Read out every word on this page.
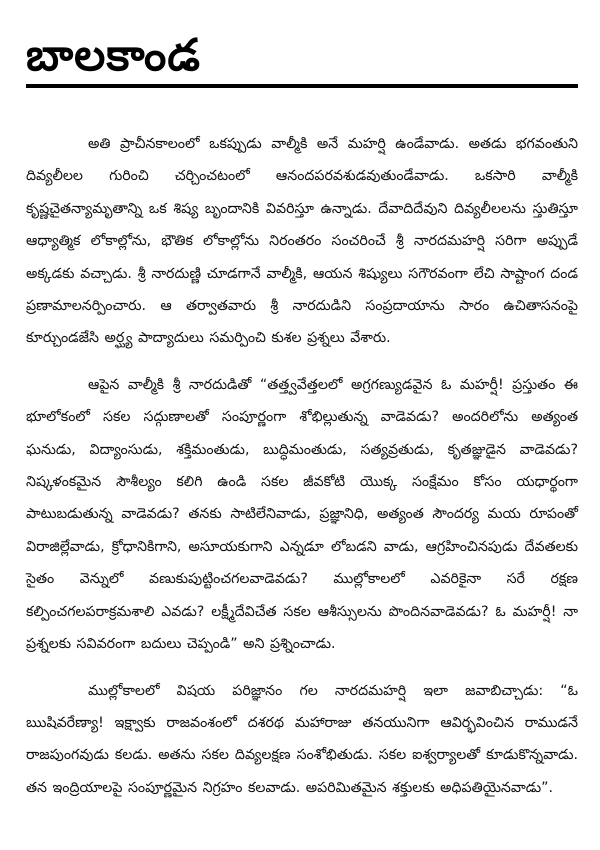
బాలకాండ

అతి ప్రాచీనకాలంలో ఒకప్పుడు వాల్మీకి అనే మహర్షి ఉండేవాడు. అతడు భగవంతుని దివ్యలీలల గురించి చర్చించటంలో ఆనందపరవశుడవుతుండేవాడు. ఒకసారి వాల్మీకి కృష్ణచైతన్యామృతాన్ని ఒక శిష్య బృందానికి వివరిస్తూ ఉన్నాడు. దేవాదిదేవుని దివ్యలీలలను స్తుతిస్తూ ఆధ్యాత్మిక లోకాల్లోను, భౌతిక లోకాల్లోను నిరంతరం సంచరించే శ్రీ నారదమహర్షి సరిగా అప్పుడే అక్కడకు వచ్చాడు. శ్రీ నారదుణ్ణి చూడగానే వాల్మీకి, ఆయన శిష్యులు సగౌరవంగా లేచి సాష్టాంగ దండ ప్రణామాలనర్పించారు. ఆ తర్వాతవారు శ్రీ నారదుడిని సంప్రదాయాను సారం ఉచితాసనంపై కూర్చుండజేసి అర్ఘ్య పాద్యాదులు సమర్పించి కుశల ప్రశ్నలు వేశారు.

ఆపైన వాల్మీకి శ్రీ నారదుడితో “తత్త్వవేత్తలలో అగ్రగణ్యుడవైన ఓ మహర్షీ! ప్రస్తుతం ఈ భూలోకంలో సకల సద్గుణాలతో సంపూర్ణంగా శోభిల్లుతున్న వాడెవడు? అందరిలోను అత్యంత ఘనుడు, విద్యాంసుడు, శక్తిమంతుడు, బుద్ధిమంతుడు, సత్యవ్రతుడు, కృతజ్ఞుడైన వాడెవడు? నిష్కళంకమైన సౌశీల్యం కలిగి ఉండి సకల జీవకోటి యొక్క సంక్షేమం కోసం యధార్థంగా పాటుబడుతున్న వాడెవడు? తనకు సాటిలేనివాడు, ప్రజ్ఞానిధి, అత్యంత సౌందర్య మయ రూపంతో విరాజిల్లేవాడు, క్రోధానికిగాని, అసూయకుగాని ఎన్నడూ లోబడని వాడు, ఆగ్రహించినపుడు దేవతలకు సైతం వెన్నులో వణుకుపుట్టించగలవాడెవడు? ముల్లోకాలలో ఎవరికైనా సరే రక్షణ కల్పించగలపరాక్రమశాలి ఎవడు? లక్ష్మీదేవిచేత సకల ఆశీస్సులను పొందినవాడెవడు? ఓ మహర్షీ! నా ప్రశ్నలకు సవివరంగా బదులు చెప్పండి” అని ప్రశ్నించాడు.

ముల్లోకాలలో విషయ పరిజ్ఞానం గల నారదమహర్షి ఇలా జవాబిచ్చాడు: “ఓ ఋషివరేణ్యా! ఇక్ష్వాకు రాజవంశంలో దశరథ మహారాజు తనయునిగా ఆవిర్భవించిన రాముడనే రాజపుంగవుడు కలడు. అతను సకల దివ్యలక్షణ సంశోభితుడు. సకల ఐశ్వర్యాలతో కూడుకొన్నవాడు. తన ఇంద్రియాలపై సంపూర్ణమైన నిగ్రహం కలవాడు. అపరిమితమైన శక్తులకు అధిపతియైనవాడు”.
